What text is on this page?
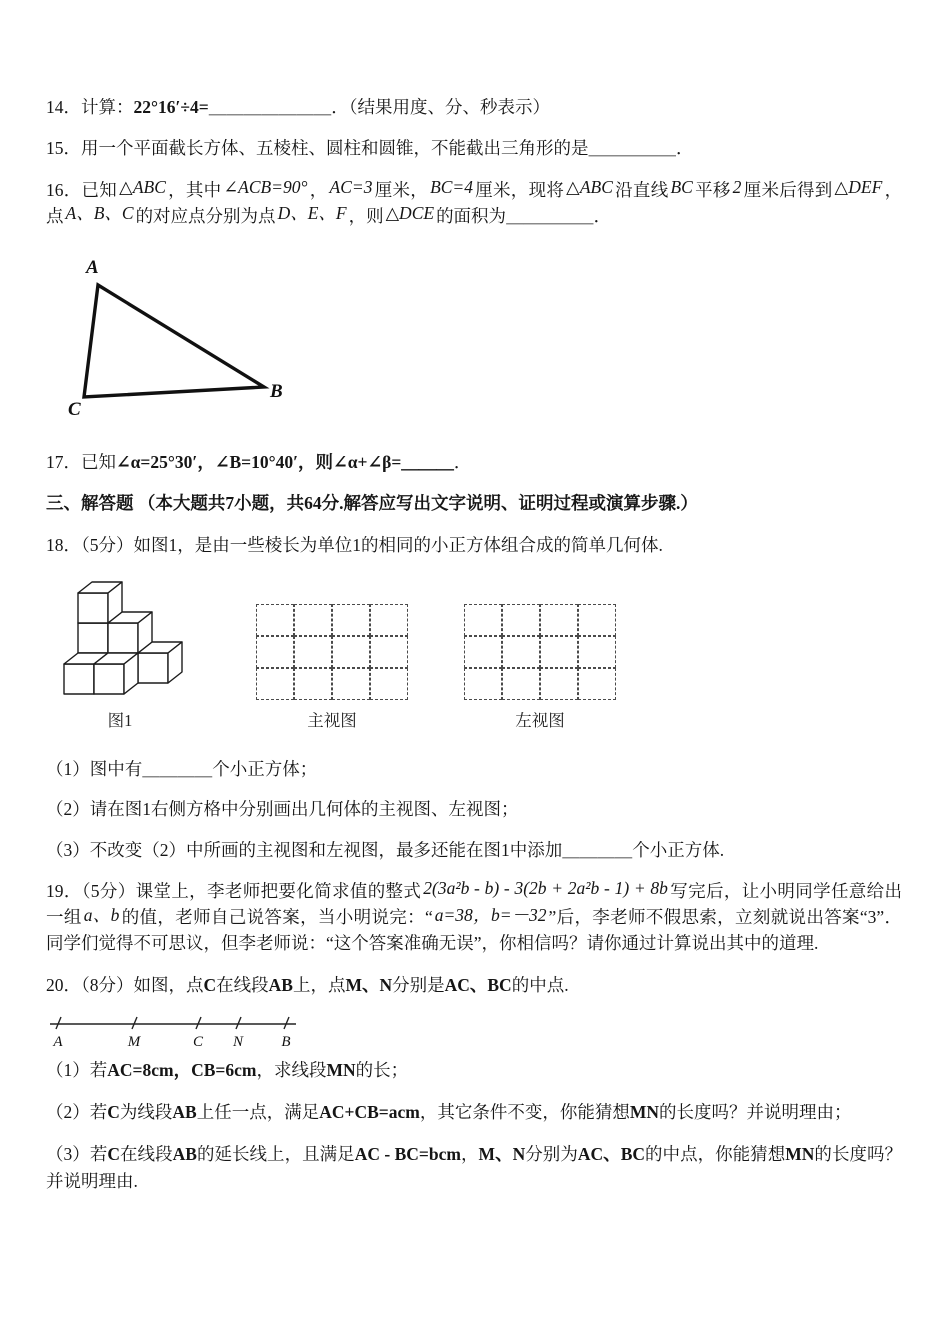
14．计算：22°16′÷4=＿＿＿＿＿＿＿．（结果用度、分、秒表示）

15．用一个平面截长方体、五棱柱、圆柱和圆锥，不能截出三角形的是＿＿＿＿＿．

16．已知 △ABC ，其中 ∠ACB=90° ， AC=3 厘米， BC=4 厘米，现将 △ABC 沿直线 BC 平移 2 厘米后得到 △DEF ，点 A、B、C 的对应点分别为点 D、E、F ，则 △DCE 的面积为＿＿＿＿＿．

A
C
B

17．已知∠α=25°30′，∠B=10°40′，则∠α+∠β=＿＿＿．

三、解答题 （本大题共7小题，共64分.解答应写出文字说明、证明过程或演算步骤.）

18．（5分）如图1，是由一些棱长为单位1的相同的小正方体组合成的简单几何体.

图1	主视图	左视图

（1）图中有＿＿＿＿个小正方体；

（2）请在图1右侧方格中分别画出几何体的主视图、左视图；

（3）不改变（2）中所画的主视图和左视图，最多还能在图1中添加＿＿＿＿个小正方体.

19．（5分）课堂上，李老师把要化简求值的整式 2(3a²b - b) - 3(2b + 2a²b - 1) + 8b 写完后，让小明同学任意给出一组 a、b 的值，老师自己说答案，当小明说完：“ a=38，b=－32 ”后，李老师不假思索，立刻就说出答案“3”．同学们觉得不可思议，但李老师说：“这个答案准确无误”，你相信吗？请你通过计算说出其中的道理.

20．（8分）如图，点C在线段AB上，点M、N分别是AC、BC的中点.

A	M	C N	B

（1）若AC=8cm，CB=6cm，求线段MN的长；

（2）若C为线段AB上任一点，满足AC+CB=acm，其它条件不变，你能猜想MN的长度吗？并说明理由；

（3）若C在线段AB的延长线上，且满足AC - BC=bcm，M、N分别为AC、BC的中点，你能猜想MN的长度吗？并说明理由.
